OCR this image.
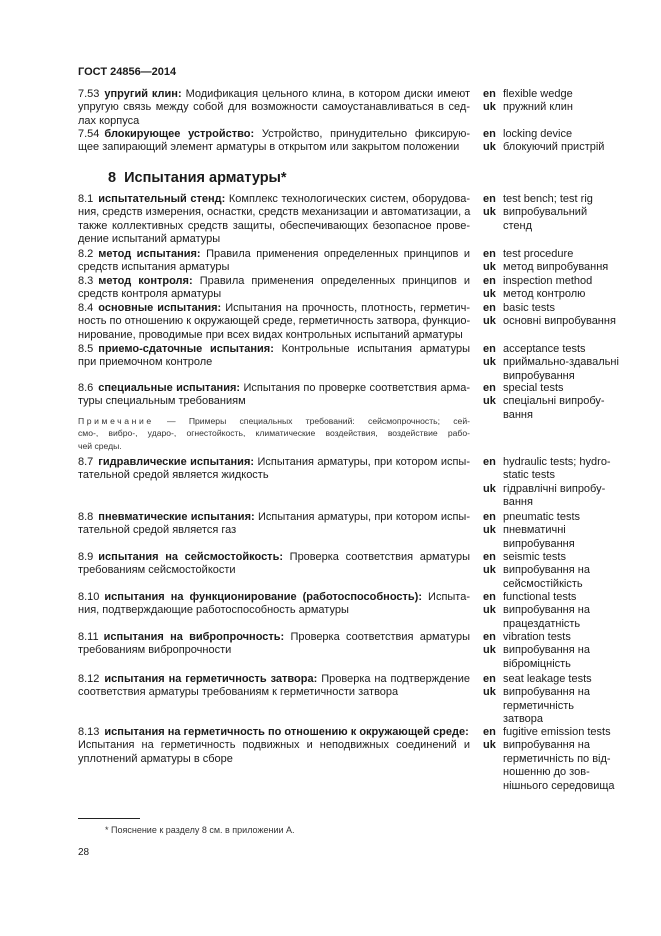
ГОСТ 24856—2014
8 Испытания арматуры*
7.53 упругий клин: Модификация цельного клина, в котором диски имеют
упругую связь между собой для возможности самоустанавливаться в сед-
лах корпуса
en flexible wedge
uk пружний клин
7.54 блокирующее устройство: Устройство, принудительно фиксирую-
щее запирающий элемент арматуры в открытом или закрытом положении
en locking device
uk блокуючий пристрій
8.1 испытательный стенд: Комплекс технологических систем, оборудова-
ния, средств измерения, оснастки, средств механизации и автоматизации, а
также коллективных средств защиты, обеспечивающих безопасное прове-
дение испытаний арматуры
en test bench; test rig
uk випробувальний
стенд
8.2 метод испытания: Правила применения определенных принципов и
средств испытания арматуры
en test procedure
uk метод випробування
8.3 метод контроля: Правила применения определенных принципов и
средств контроля арматуры
en inspection method
uk метод контролю
8.4 основные испытания: Испытания на прочность, плотность, герметич-
ность по отношению к окружающей среде, герметичность затвора, функцио-
нирование, проводимые при всех видах контрольных испытаний арматуры
en basic tests
uk основні випробування
8.5 приемо-сдаточные испытания: Контрольные испытания арматуры
при приемочном контроле
en acceptance tests
uk приймально-здавальні
випробування
8.6 специальные испытания: Испытания по проверке соответствия арма-
туры специальным требованиям
en special tests
uk спеціальні випробу-
вання
8.7 гидравлические испытания: Испытания арматуры, при котором испы-
тательной средой является жидкость
en hydraulic tests; hydro-
static tests
uk гідравлічні випробу-
вання
8.8 пневматические испытания: Испытания арматуры, при котором испы-
тательной средой является газ
en pneumatic tests
uk пневматичні
випробування
8.9 испытания на сейсмостойкость: Проверка соответствия арматуры
требованиям сейсмостойкости
en seismic tests
uk випробування на
сейсмостійкість
8.10 испытания на функционирование (работоспособность): Испыта-
ния, подтверждающие работоспособность арматуры
en functional tests
uk випробування на
працездатність
8.11 испытания на вибропрочность: Проверка соответствия арматуры
требованиям вибропрочности
en vibration tests
uk випробування на
віброміцність
8.12 испытания на герметичность затвора: Проверка на подтверждение
соответствия арматуры требованиям к герметичности затвора
en seat leakage tests
uk випробування на
герметичність
затвора
8.13 испытания на герметичность по отношению к окружающей среде:
Испытания на герметичность подвижных и неподвижных соединений и
уплотнений арматуры в сборе
en fugitive emission tests
uk випробування на
герметичність по від-
ношенню до зов-
нішнього середовища
Примечание — Примеры специальных требований: сейсмопрочность; сей-
смо-, вибро-, ударо-, огнестойкость, климатические воздействия, воздействие рабо-
чей среды.
* Пояснение к разделу 8 см. в приложении А.
28
